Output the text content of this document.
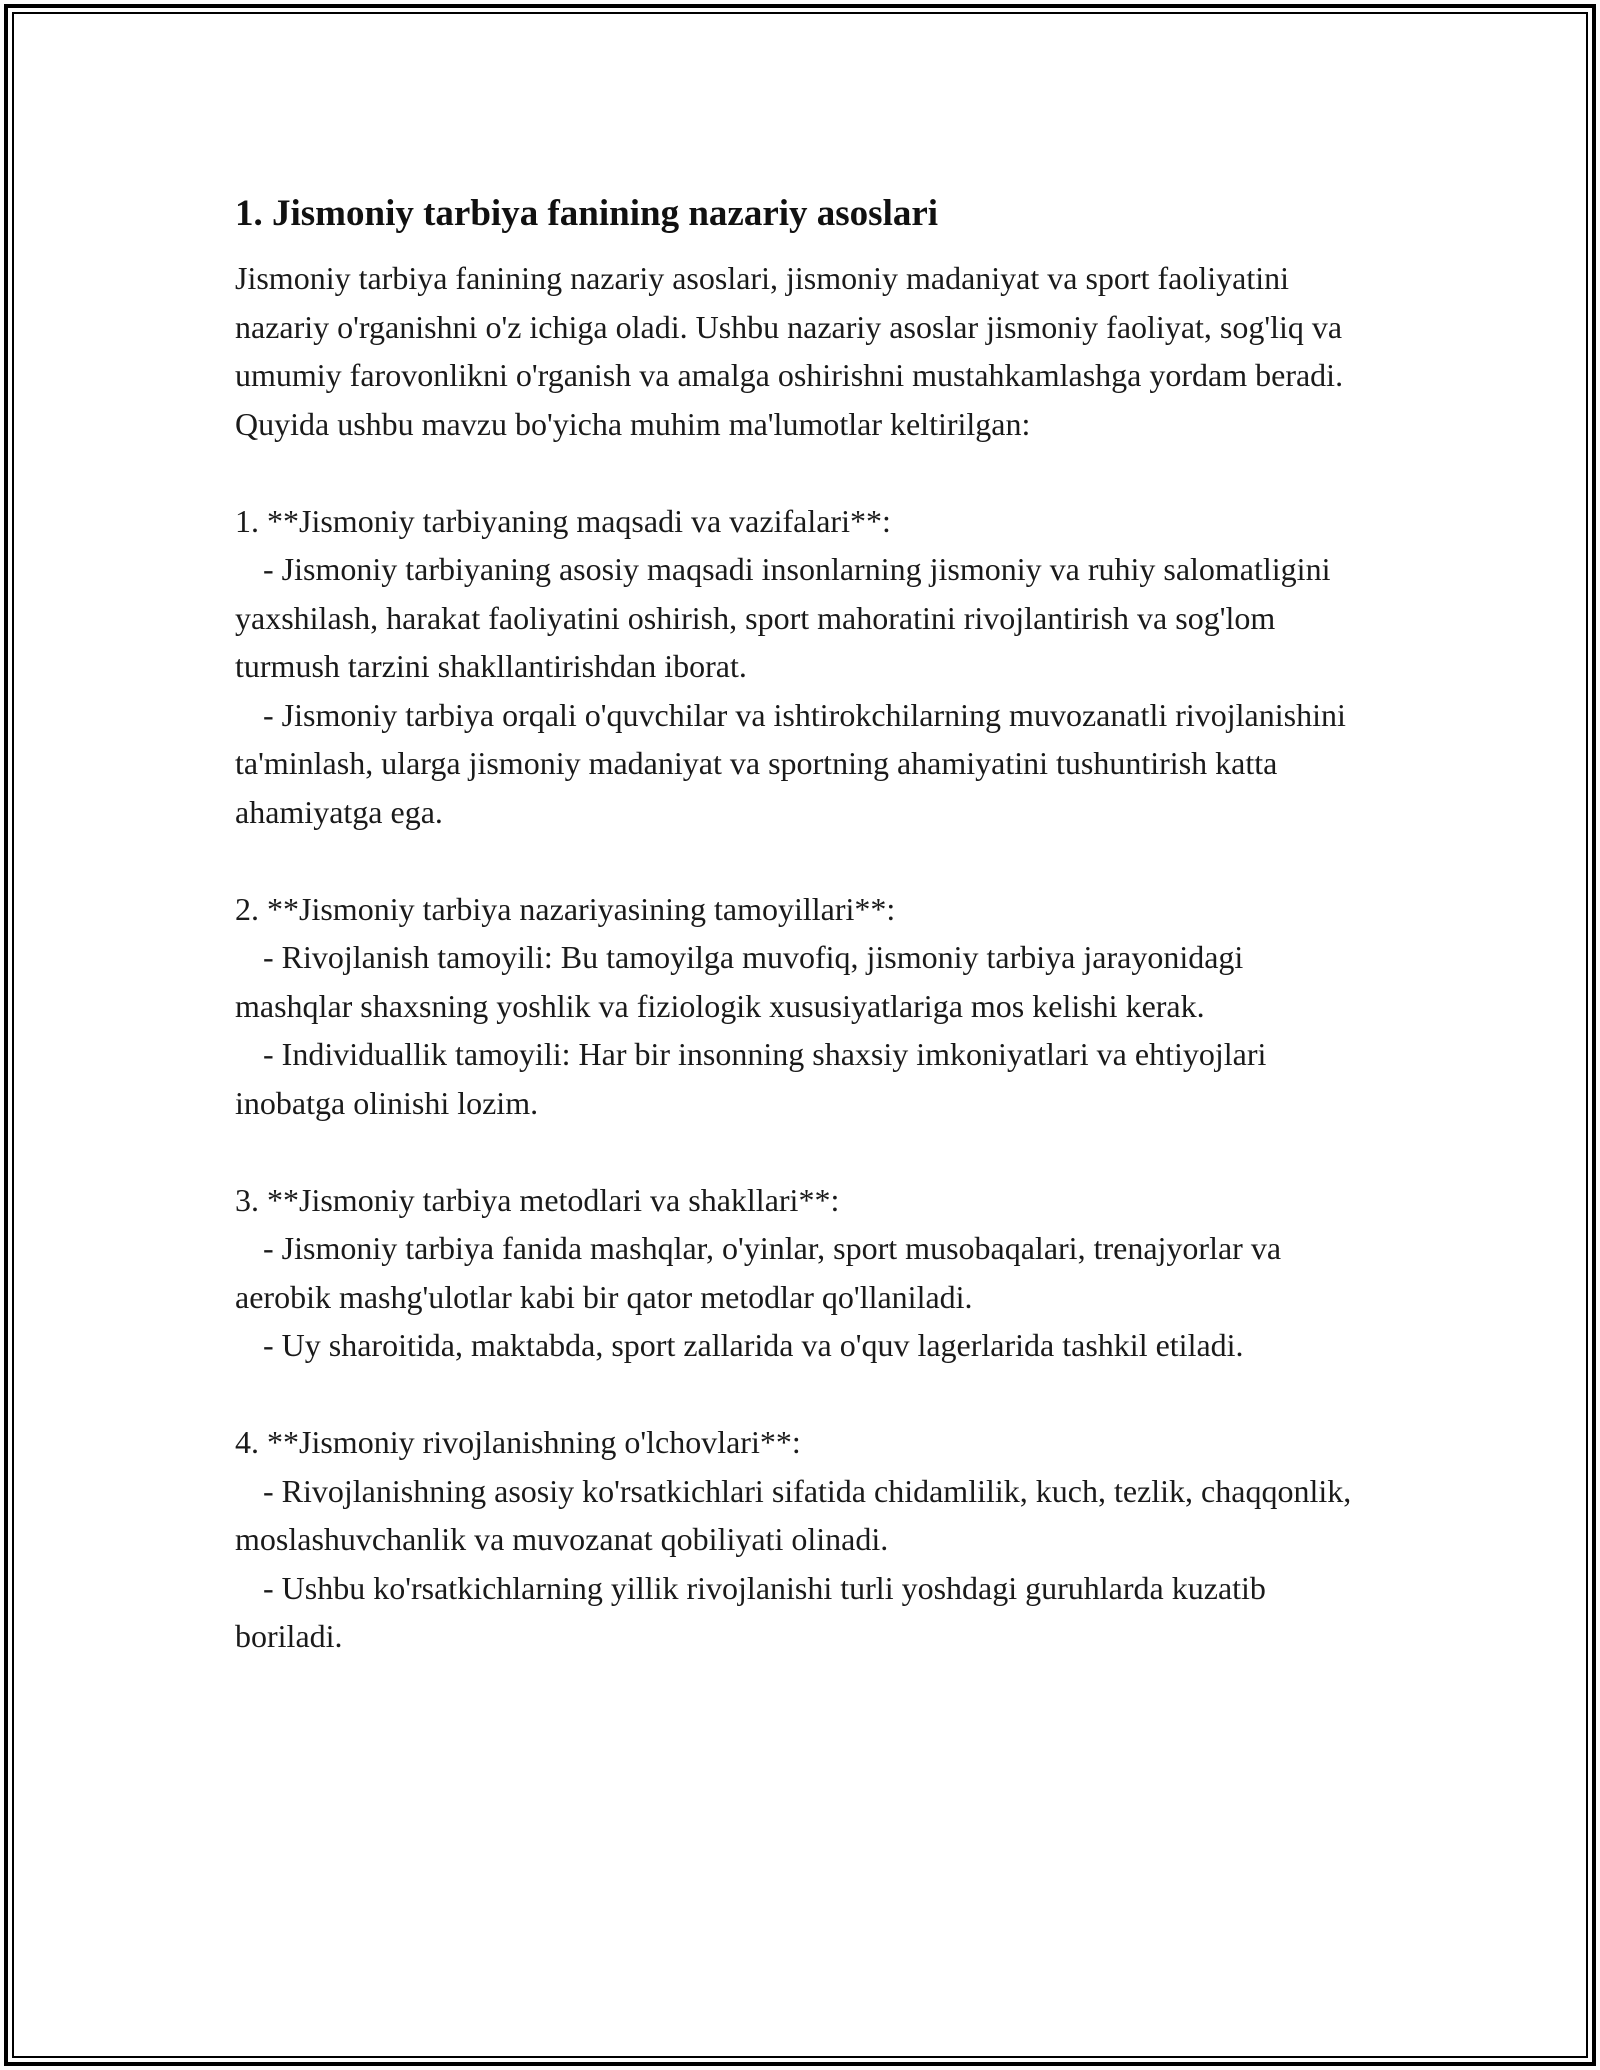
1. Jismoniy tarbiya fanining nazariy asoslari

Jismoniy tarbiya fanining nazariy asoslari, jismoniy madaniyat va sport faoliyatini nazariy o'rganishni o'z ichiga oladi. Ushbu nazariy asoslar jismoniy faoliyat, sog'liq va umumiy farovonlikni o'rganish va amalga oshirishni mustahkamlashga yordam beradi. Quyida ushbu mavzu bo'yicha muhim ma'lumotlar keltirilgan:

1. **Jismoniy tarbiyaning maqsadi va vazifalari**:

- Jismoniy tarbiyaning asosiy maqsadi insonlarning jismoniy va ruhiy salomatligini yaxshilash, harakat faoliyatini oshirish, sport mahoratini rivojlantirish va sog'lom turmush tarzini shakllantirishdan iborat.

- Jismoniy tarbiya orqali o'quvchilar va ishtirokchilarning muvozanatli rivojlanishini ta'minlash, ularga jismoniy madaniyat va sportning ahamiyatini tushuntirish katta ahamiyatga ega.

2. **Jismoniy tarbiya nazariyasining tamoyillari**:

- Rivojlanish tamoyili: Bu tamoyilga muvofiq, jismoniy tarbiya jarayonidagi mashqlar shaxsning yoshlik va fiziologik xususiyatlariga mos kelishi kerak.

- Individuallik tamoyili: Har bir insonning shaxsiy imkoniyatlari va ehtiyojlari inobatga olinishi lozim.

3. **Jismoniy tarbiya metodlari va shakllari**:

- Jismoniy tarbiya fanida mashqlar, o'yinlar, sport musobaqalari, trenajyorlar va aerobik mashg'ulotlar kabi bir qator metodlar qo'llaniladi.

- Uy sharoitida, maktabda, sport zallarida va o'quv lagerlarida tashkil etiladi.

4. **Jismoniy rivojlanishning o'lchovlari**:

- Rivojlanishning asosiy ko'rsatkichlari sifatida chidamlilik, kuch, tezlik, chaqqonlik, moslashuvchanlik va muvozanat qobiliyati olinadi.

- Ushbu ko'rsatkichlarning yillik rivojlanishi turli yoshdagi guruhlarda kuzatib boriladi.
